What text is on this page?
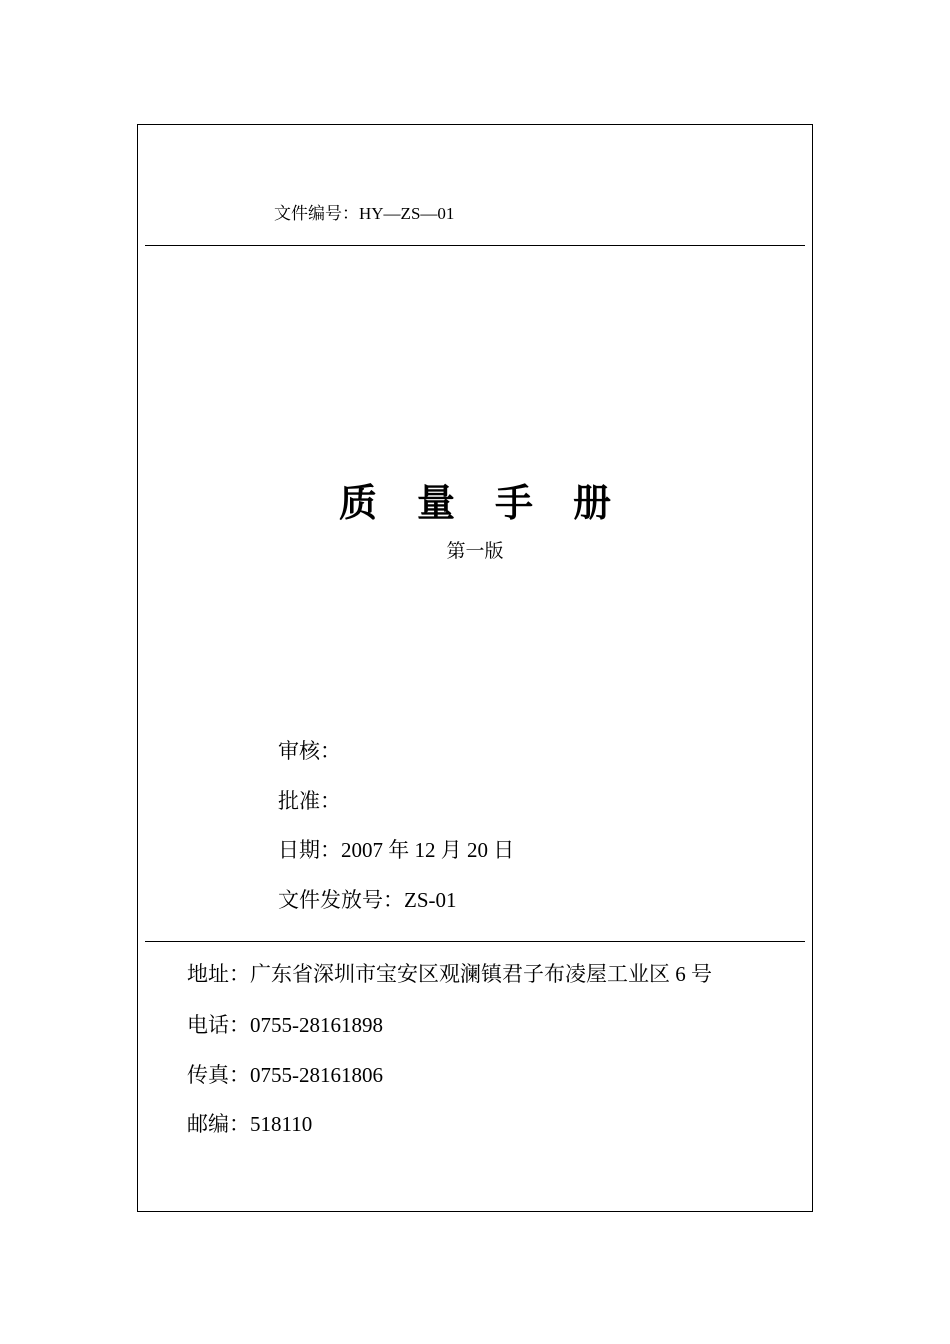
文件编号：HY—ZS—01
质 量 手 册
第一版
审核：
批准：
日期：2007 年 12 月 20 日
文件发放号：ZS-01
地址：广东省深圳市宝安区观澜镇君子布凌屋工业区 6 号
电话：0755-28161898
传真：0755-28161806
邮编：518110
